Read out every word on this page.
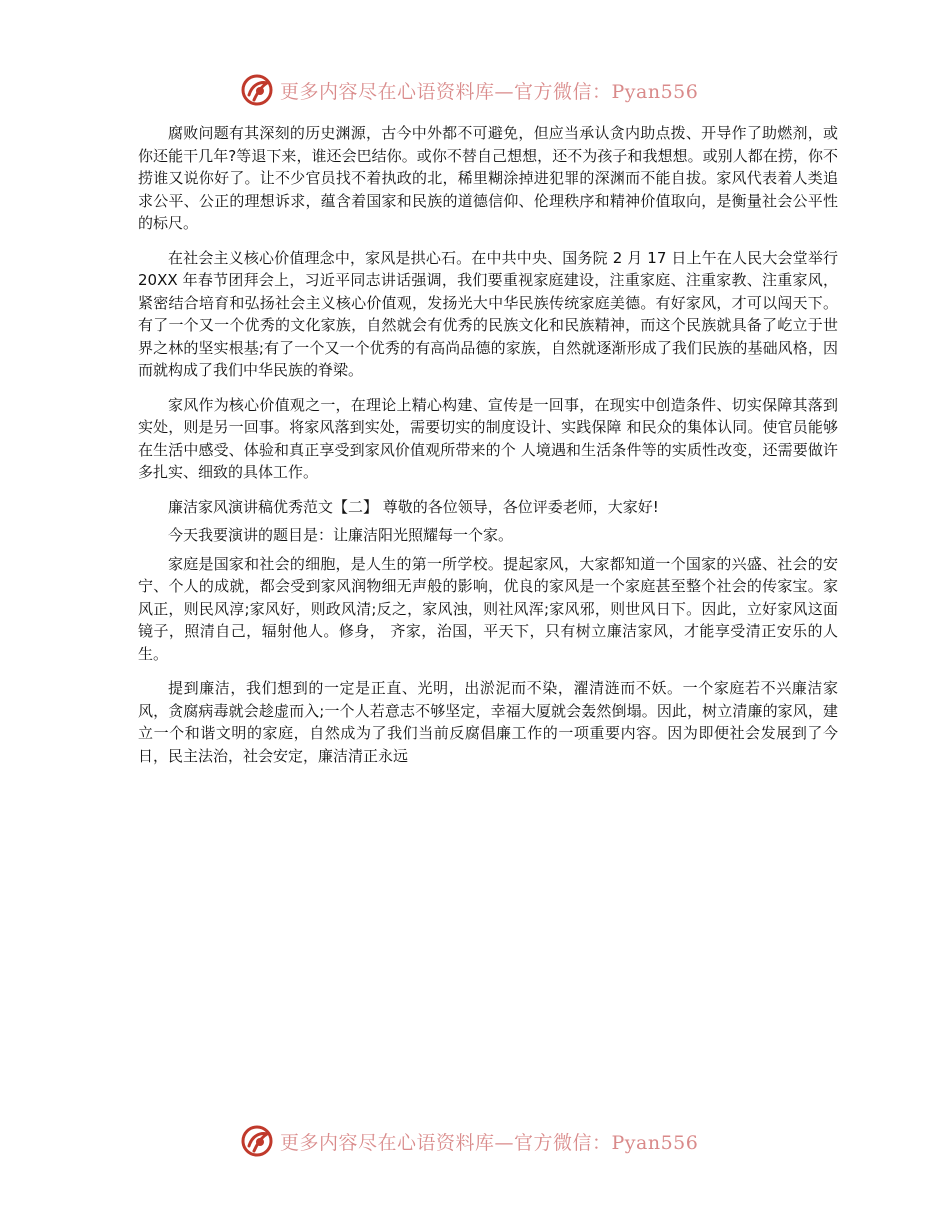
更多内容尽在心语资料库—官方微信：Pyan556

腐败问题有其深刻的历史渊源，古今中外都不可避免，但应当承认贪内助点拨、开导作了助燃剂，或你还能干几年?等退下来，谁还会巴结你。或你不替自己想想，还不为孩子和我想想。或别人都在捞，你不捞谁又说你好了。让不少官员找不着执政的北，稀里糊涂掉进犯罪的深渊而不能自拔。家风代表着人类追求公平、公正的理想诉求，蕴含着国家和民族的道德信仰、伦理秩序和精神价值取向，是衡量社会公平性的标尺。

在社会主义核心价值理念中，家风是拱心石。在中共中央、国务院 2 月 17 日上午在人民大会堂举行 20XX 年春节团拜会上，习近平同志讲话强调，我们要重视家庭建设，注重家庭、注重家教、注重家风，紧密结合培育和弘扬社会主义核心价值观，发扬光大中华民族传统家庭美德。有好家风，才可以闯天下。有了一个又一个优秀的文化家族，自然就会有优秀的民族文化和民族精神，而这个民族就具备了屹立于世界之林的坚实根基;有了一个又一个优秀的有高尚品德的家族，自然就逐渐形成了我们民族的基础风格，因而就构成了我们中华民族的脊梁。

家风作为核心价值观之一，在理论上精心构建、宣传是一回事，在现实中创造条件、切实保障其落到实处，则是另一回事。将家风落到实处，需要切实的制度设计、实践保障 和民众的集体认同。使官员能够在生活中感受、体验和真正享受到家风价值观所带来的个 人境遇和生活条件等的实质性改变，还需要做许多扎实、细致的具体工作。

廉洁家风演讲稿优秀范文【二】 尊敬的各位领导，各位评委老师，大家好!

今天我要演讲的题目是：让廉洁阳光照耀每一个家。

家庭是国家和社会的细胞，是人生的第一所学校。提起家风，大家都知道一个国家的兴盛、社会的安宁、个人的成就，都会受到家风润物细无声般的影响，优良的家风是一个家庭甚至整个社会的传家宝。家风正，则民风淳;家风好，则政风清;反之，家风浊，则社风浑;家风邪，则世风日下。因此，立好家风这面镜子，照清自己，辐射他人。修身， 齐家，治国，平天下，只有树立廉洁家风，才能享受清正安乐的人生。

提到廉洁，我们想到的一定是正直、光明，出淤泥而不染，濯清涟而不妖。一个家庭若不兴廉洁家风，贪腐病毒就会趁虚而入;一个人若意志不够坚定，幸福大厦就会轰然倒塌。因此，树立清廉的家风，建立一个和谐文明的家庭，自然成为了我们当前反腐倡廉工作的一项重要内容。因为即便社会发展到了今日，民主法治，社会安定，廉洁清正永远

更多内容尽在心语资料库—官方微信：Pyan556
